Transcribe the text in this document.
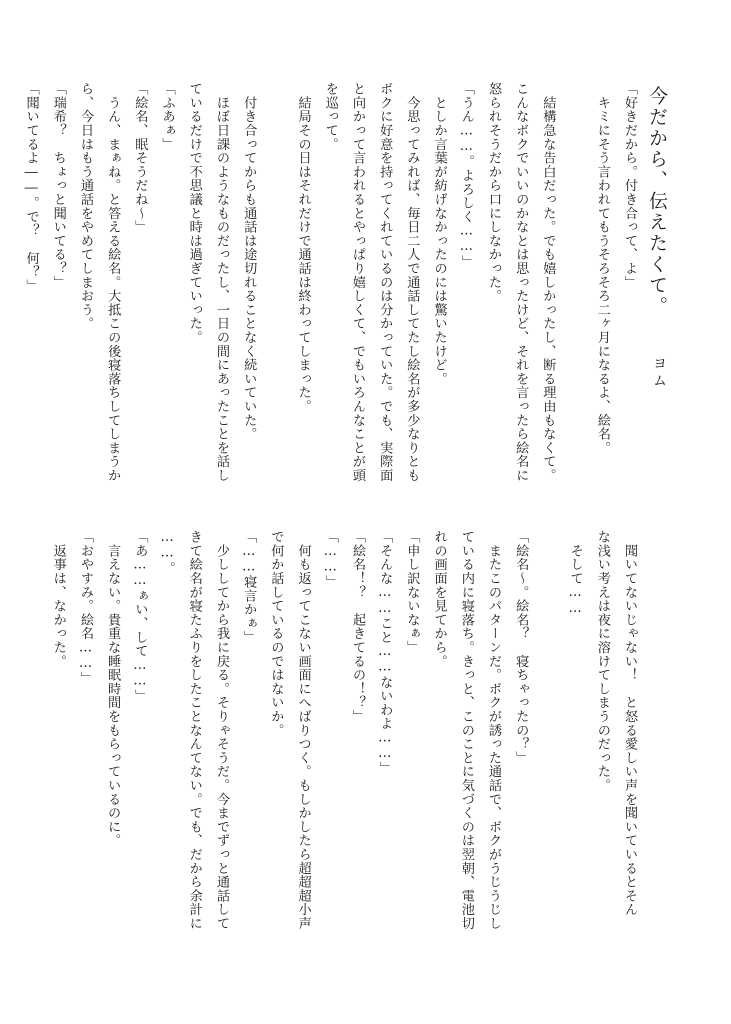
今だから、伝えたくて。
ヨム

「好きだから。付き合って、よ」

　キミにそう言われてもうそろそろ二ヶ月になるよ、絵名。

　結構急な告白だった。でも嬉しかったし、断る理由もなくて。

こんなボクでいいのかなとは思ったけど、それを言ったら絵名に

怒られそうだから口にしなかった。

「うん……。よろしく……」

　としか言葉が紡げなかったのには驚いたけど。

　今思ってみれば、毎日二人で通話してたし絵名が多少なりとも

ボクに好意を持ってくれているのは分かっていた。でも、実際面

と向かって言われるとやっぱり嬉しくて、でもいろんなことが頭

を巡って。

　結局その日はそれだけで通話は終わってしまった。

　付き合ってからも通話は途切れることなく続いていた。

　ほぼ日課のようなものだったし、一日の間にあったことを話し

ているだけで不思議と時は過ぎていった。

「ふあぁ」

「絵名、眠そうだね〜」

　うん、まぁね。と答える絵名。大抵この後寝落ちしてしまうか

ら、今日はもう通話をやめてしまおう。

「瑞希？　ちょっと聞いてる？」

「聞いてるよ――。で？　何？」

　聞いてないじゃない！　と怒る愛しい声を聞いているとそん

な浅い考えは夜に溶けてしまうのだった。

　そして……

「絵名〜。絵名？　寝ちゃったの？」

　またこのパターンだ。ボクが誘った通話で、ボクがうじうじし

ている内に寝落ち。きっと、このことに気づくのは翌朝、電池切

れの画面を見てから。

「申し訳ないなぁ」

「そんな……こと……ないわよ……」

「絵名！？　起きてるの！？」

「……」

　何も返ってこない画面にへばりつく。もしかしたら超超超小声

で何か話しているのではないか。

「……寝言かぁ」

　少ししてから我に戻る。そりゃそうだ。今までずっと通話して

きて絵名が寝たふりをしたことなんてない。でも、だから余計に

……。

「あ……ぁい、して……」

　言えない。貴重な睡眠時間をもらっているのに。

「おやすみ。絵名……」

　返事は、なかった。
